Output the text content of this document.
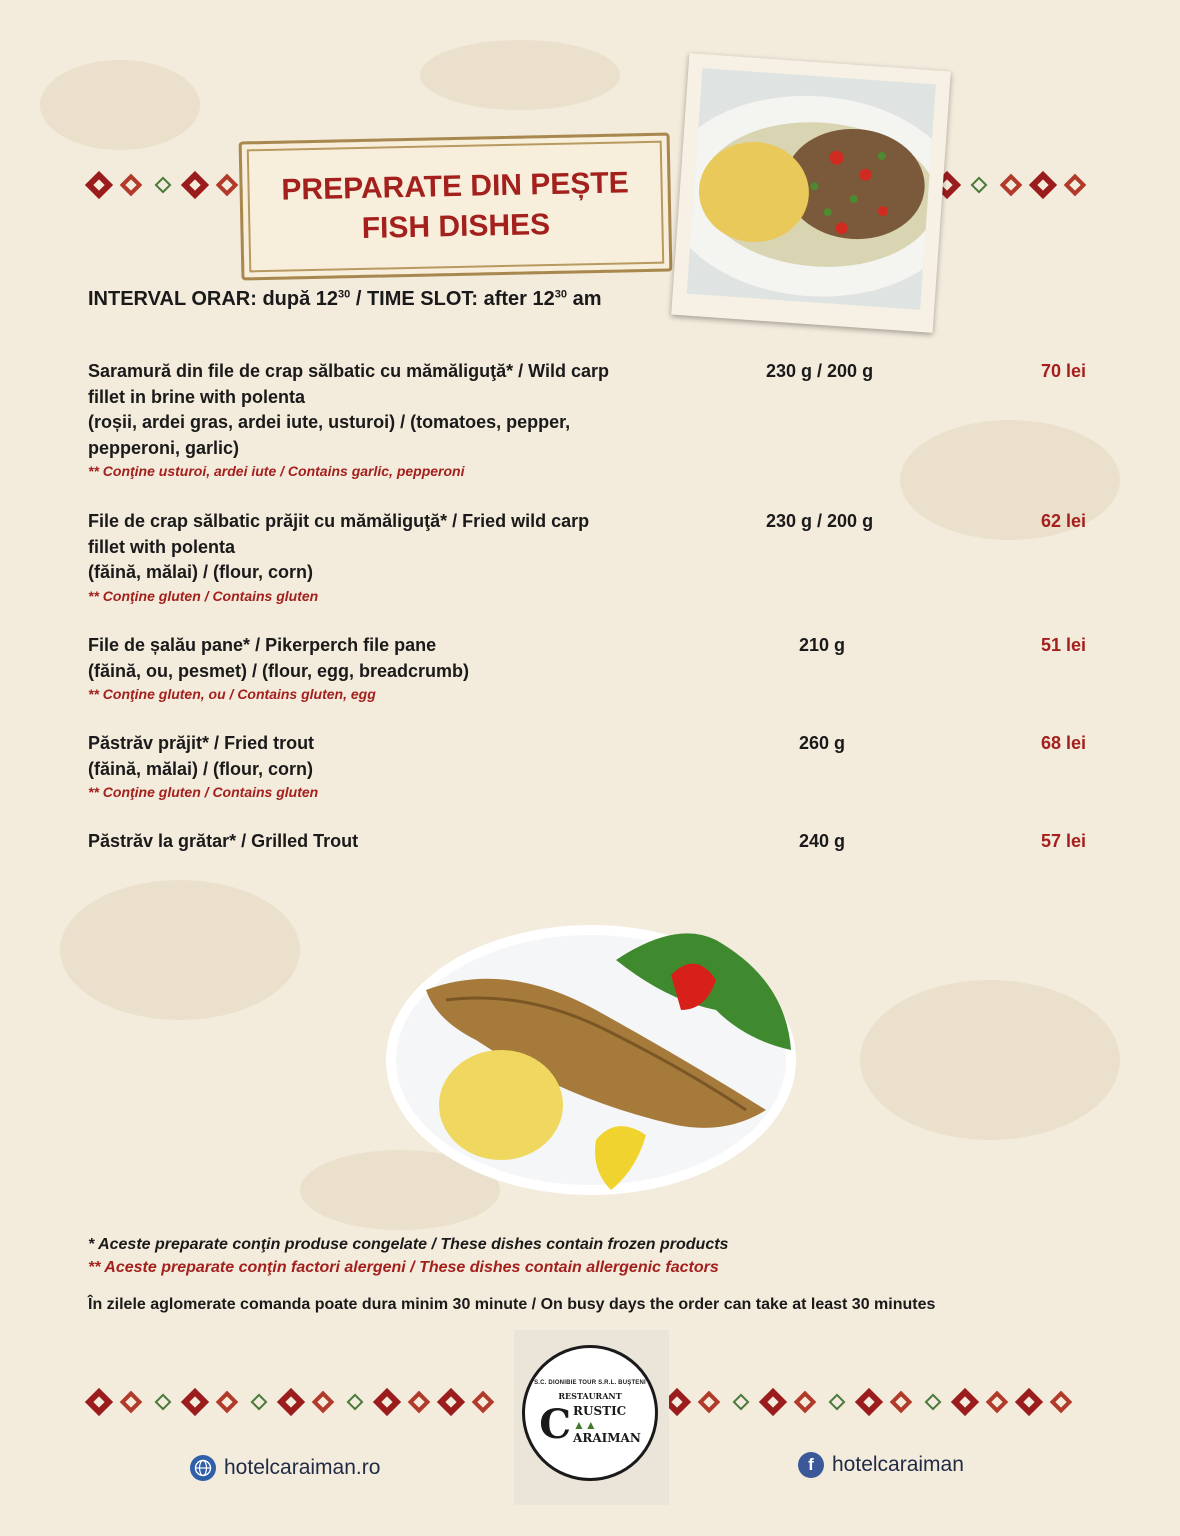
PREPARATE DIN PEȘTE
FISH DISHES
INTERVAL ORAR: după $12^{30}$ / TIME SLOT: after $12^{30}$ am
Saramură din file de crap sălbatic cu mămăliguţă* / Wild carp
fillet in brine with polenta
(roșii, ardei gras, ardei iute, usturoi) / (tomatoes, pepper,
pepperoni, garlic)
** Conţine usturoi, ardei iute / Contains garlic, pepperoni
230 g / 200 g	70 lei
File de crap sălbatic prăjit cu mămăliguţă* / Fried wild carp
fillet with polenta
(făină, mălai) / (flour, corn)
** Conţine gluten / Contains gluten
230 g / 200 g	62 lei
File de șalău pane* / Pikerperch file pane
(făină, ou, pesmet) / (flour, egg, breadcrumb)
** Conţine gluten, ou / Contains gluten, egg
210 g	51 lei
Păstrăv prăjit* / Fried trout
(făină, mălai) / (flour, corn)
** Conţine gluten / Contains gluten
260 g	68 lei
Păstrăv la grătar* / Grilled Trout	240 g	57 lei
* Aceste preparate conţin produse congelate / These dishes contain frozen products
** Aceste preparate conţin factori alergeni / These dishes contain allergenic factors
În zilele aglomerate comanda poate dura minim 30 minute / On busy days the order can take at least 30 minutes
S.C. DIONIBIE TOUR S.R.L. BUŞTENI
RESTAURANT
C RUSTIC
▲▲
ARAIMAN
hotelcaraiman.ro	f hotelcaraiman
